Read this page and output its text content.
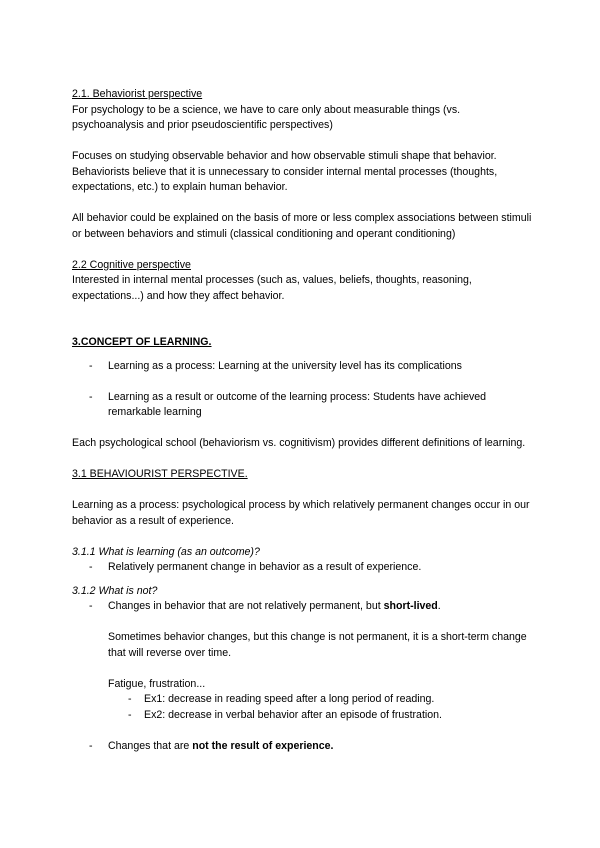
2.1. Behaviorist perspective

For psychology to be a science, we have to care only about measurable things (vs. psychoanalysis and prior pseudoscientific perspectives)

Focuses on studying observable behavior and how observable stimuli shape that behavior. Behaviorists believe that it is unnecessary to consider internal mental processes (thoughts, expectations, etc.) to explain human behavior.

All behavior could be explained on the basis of more or less complex associations between stimuli or between behaviors and stimuli (classical conditioning and operant conditioning)

2.2 Cognitive perspective

Interested in internal mental processes (such as, values, beliefs, thoughts, reasoning, expectations...) and how they affect behavior.

3.CONCEPT OF LEARNING.

- Learning as a process: Learning at the university level has its complications
- Learning as a result or outcome of the learning process: Students have achieved remarkable learning

Each psychological school (behaviorism vs. cognitivism) provides different definitions of learning.

3.1 BEHAVIOURIST PERSPECTIVE.

Learning as a process: psychological process by which relatively permanent changes occur in our behavior as a result of experience.

3.1.1 What is learning (as an outcome)?

- Relatively permanent change in behavior as a result of experience.

3.1.2 What is not?

- Changes in behavior that are not relatively permanent, but short-lived.

Sometimes behavior changes, but this change is not permanent, it is a short-term change that will reverse over time.

Fatigue, frustration...

- Ex1: decrease in reading speed after a long period of reading.
- Ex2: decrease in verbal behavior after an episode of frustration.
- Changes that are not the result of experience.
